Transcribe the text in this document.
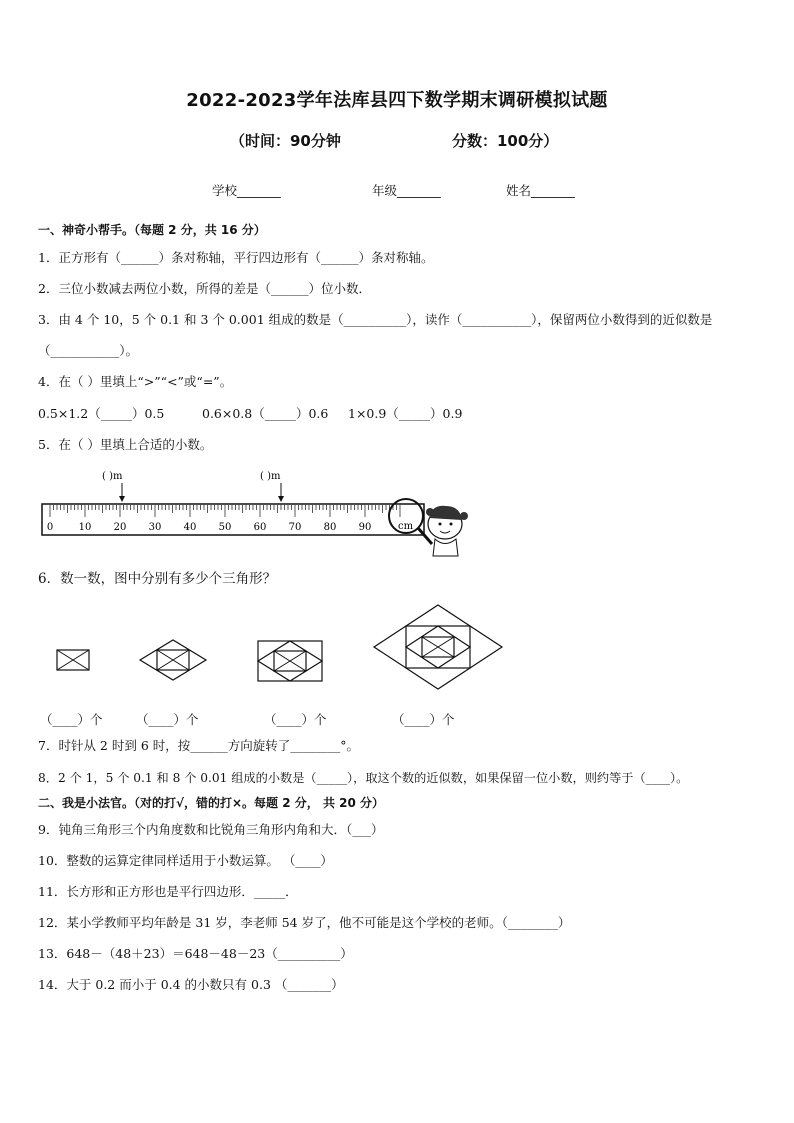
2022-2023学年法库县四下数学期末调研模拟试题
（时间：90分钟	分数：100分）
学校_______	年级_______	姓名_______
一、神奇小帮手。（每题 2 分，共 16 分）
1．正方形有（______）条对称轴，平行四边形有（______）条对称轴。
2．三位小数减去两位小数，所得的差是（______）位小数．
3．由 4 个 10，5 个 0.1 和 3 个 0.001 组成的数是（__________），读作（___________），保留两位小数得到的近似数是
（___________）。
4．在（ ）里填上“>”“<”或“=”。
0.5×1.2（_____）0.5	0.6×0.8（_____）0.6 1×0.9（_____）0.9
5．在（ ）里填上合适的小数。
( )m	( )m
0	10 20 30 40 50 60 70 80 90	cm
6．数一数，图中分别有多少个三角形？
（____）个	（____）个	（____）个	（____）个
7．时针从 2 时到 6 时，按______方向旋转了________°。
8．2 个 1，5 个 0.1 和 8 个 0.01 组成的小数是（_____），取这个数的近似数，如果保留一位小数，则约等于（____）。
二、我是小法官。（对的打√，错的打×。每题 2 分， 共 20 分）
9．钝角三角形三个内角度数和比锐角三角形内角和大．（___）
10．整数的运算定律同样适用于小数运算。 （____）
11．长方形和正方形也是平行四边形．_____．
12．某小学教师平均年龄是 31 岁，李老师 54 岁了，他不可能是这个学校的老师。（________）
13．648－（48＋23）＝648－48－23（__________）
14．大于 0.2 而小于 0.4 的小数只有 0.3 （_______）
